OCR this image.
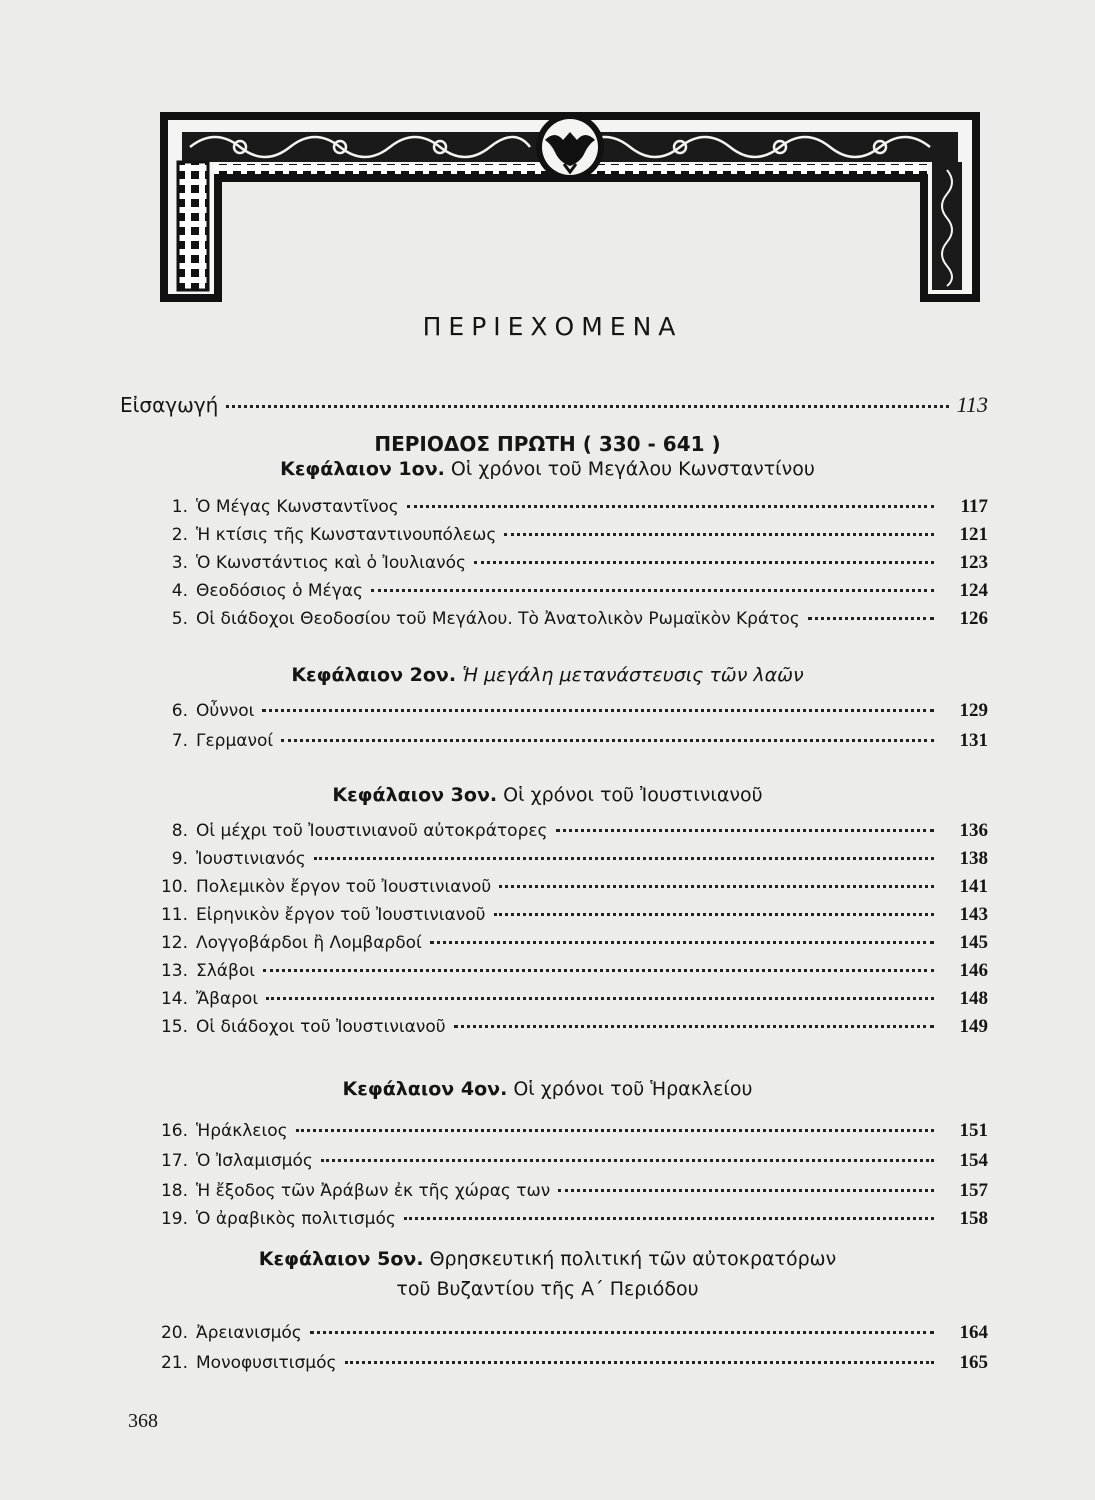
ΠΕΡΙΕΧΟΜΕΝΑ
Εἰσαγωγή	113
ΠΕΡΙΟΔΟΣ ΠΡΩΤΗ ( 330 - 641 )
Κεφάλαιον 1ον. Οἱ χρόνοι τοῦ Μεγάλου Κωνσταντίνου
Κεφάλαιον 2ον. Ἡ μεγάλη μετανάστευσις τῶν λαῶν
Κεφάλαιον 3ον. Οἱ χρόνοι τοῦ Ἰουστινιανοῦ
Κεφάλαιον 4ον. Οἱ χρόνοι τοῦ Ἡρακλείου
Κεφάλαιον 5ον. Θρησκευτική πολιτική τῶν αὐτοκρατόρων
τοῦ Βυζαντίου τῆς Α΄ Περιόδου
1. Ὁ Μέγας Κωνσταντῖνος	117
2. Ἡ κτίσις τῆς Κωνσταντινουπόλεως	121
3. Ὁ Κωνστάντιος καὶ ὁ Ἰουλιανός	123
4. Θεοδόσιος ὁ Μέγας	124
5. Οἱ διάδοχοι Θεοδοσίου τοῦ Μεγάλου. Τὸ Ἀνατολικὸν Ρωμαϊκὸν Κράτος	126
6. Οὖννοι	129
7. Γερμανοί	131
8. Οἱ μέχρι τοῦ Ἰουστινιανοῦ αὐτοκράτορες	136
9. Ἰουστινιανός	138
10. Πολεμικὸν ἔργον τοῦ Ἰουστινιανοῦ	141
11. Εἰρηνικὸν ἔργον τοῦ Ἰουστινιανοῦ	143
12. Λογγοβάρδοι ἢ Λομβαρδοί	145
13. Σλάβοι	146
14. Ἄβαροι	148
15. Οἱ διάδοχοι τοῦ Ἰουστινιανοῦ	149
16. Ἡράκλειος	151
17. Ὁ Ἰσλαμισμός	154
18. Ἡ ἔξοδος τῶν Ἀράβων ἐκ τῆς χώρας των	157
19. Ὁ ἀραβικὸς πολιτισμός	158
20. Ἀρειανισμός	164
21. Μονοφυσιτισμός	165
368
